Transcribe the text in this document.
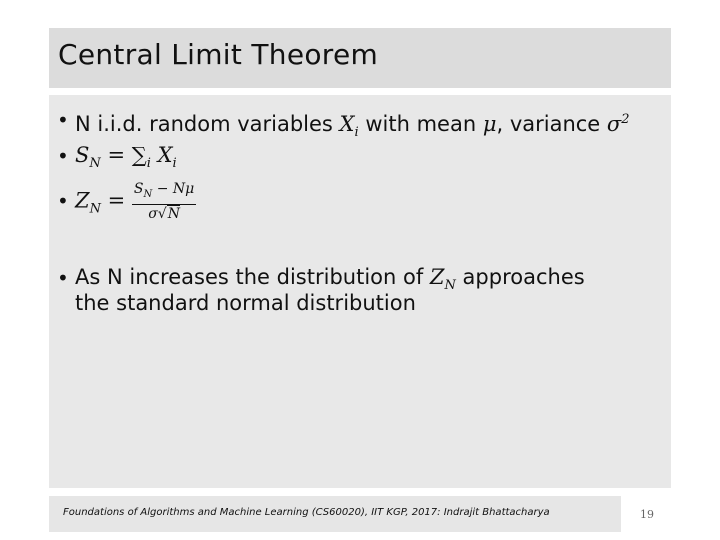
Central Limit Theorem
• N i.i.d. random variables $X_i$ with mean μ, variance $\sigma^2$
• $S_N = \sum_i$ $X_i$
• $Z_N = \frac{S_N - N\mu}{\sigma√N}$
• As N increases the distribution of $Z_N$ approaches
the standard normal distribution
Foundations of Algorithms and Machine Learning (CS60020), IIT KGP, 2017: Indrajit Bhattacharya	19
